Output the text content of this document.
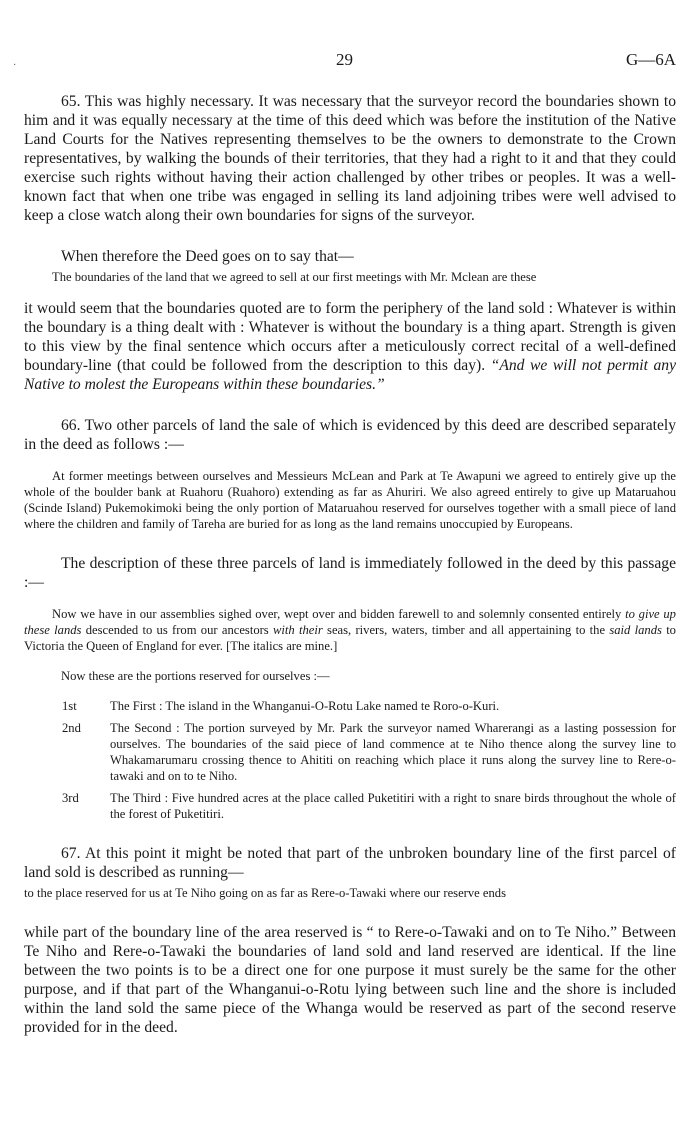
·	29	G—6A

65. This was highly necessary. It was necessary that the surveyor record the boundaries shown to him and it was equally necessary at the time of this deed which was before the institution of the Native Land Courts for the Natives representing themselves to be the owners to demonstrate to the Crown representatives, by walking the bounds of their territories, that they had a right to it and that they could exercise such rights without having their action challenged by other tribes or peoples. It was a well-known fact that when one tribe was engaged in selling its land adjoining tribes were well advised to keep a close watch along their own boundaries for signs of the surveyor.

When therefore the Deed goes on to say that—

The boundaries of the land that we agreed to sell at our first meetings with Mr. Mclean are these

it would seem that the boundaries quoted are to form the periphery of the land sold : Whatever is within the boundary is a thing dealt with : Whatever is without the boundary is a thing apart. Strength is given to this view by the final sentence which occurs after a meticulously correct recital of a well-defined boundary-line (that could be followed from the description to this day). “And we will not permit any Native to molest the Europeans within these boundaries.”

66. Two other parcels of land the sale of which is evidenced by this deed are described separately in the deed as follows :—

At former meetings between ourselves and Messieurs McLean and Park at Te Awapuni we agreed to entirely give up the whole of the boulder bank at Ruahoru (Ruahoro) extending as far as Ahuriri. We also agreed entirely to give up Mataruahou (Scinde Island) Pukemokimoki being the only portion of Mataruahou reserved for ourselves together with a small piece of land where the children and family of Tareha are buried for as long as the land remains unoccupied by Europeans.

The description of these three parcels of land is immediately followed in the deed by this passage :—

Now we have in our assemblies sighed over, wept over and bidden farewell to and solemnly consented entirely to give up these lands descended to us from our ancestors with their seas, rivers, waters, timber and all appertaining to the said lands to Victoria the Queen of England for ever. [The italics are mine.]

Now these are the portions reserved for ourselves :—

1st	The First : The island in the Whanganui-O-Rotu Lake named te Roro-o-Kuri.
2nd The Second : The portion surveyed by Mr. Park the surveyor named Wharerangi as a lasting possession for ourselves. The boundaries of the said piece of land commence at te Niho thence along the survey line to Whakamarumaru crossing thence to Ahititi on reaching which place it runs along the survey line to Rere-o-tawaki and on to te Niho.
3rd The Third : Five hundred acres at the place called Puketitiri with a right to snare birds throughout the whole of the forest of Puketitiri.

67. At this point it might be noted that part of the unbroken boundary line of the first parcel of land sold is described as running—

to the place reserved for us at Te Niho going on as far as Rere-o-Tawaki where our reserve ends

while part of the boundary line of the area reserved is “ to Rere-o-Tawaki and on to Te Niho.” Between Te Niho and Rere-o-Tawaki the boundaries of land sold and land reserved are identical. If the line between the two points is to be a direct one for one purpose it must surely be the same for the other purpose, and if that part of the Whanganui-o-Rotu lying between such line and the shore is included within the land sold the same piece of the Whanga would be reserved as part of the second reserve provided for in the deed.
